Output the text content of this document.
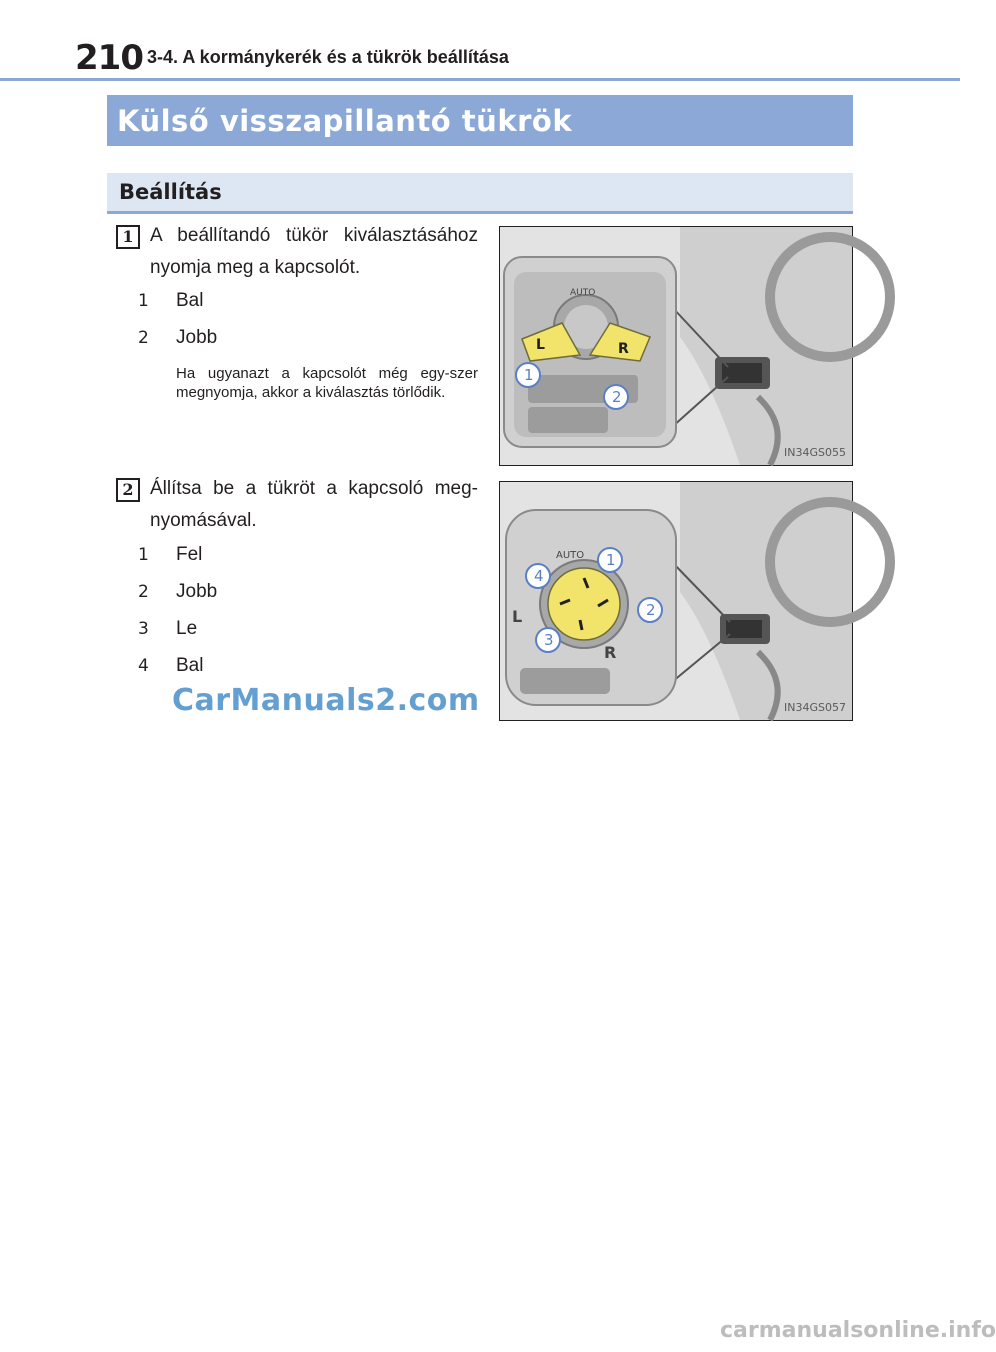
210 3-4. A kormánykerék és a tükrök beállítása
Külső visszapillantó tükrök
Beállítás
1 A beállítandó tükör kiválasztásához nyomja meg a kapcsolót.
1 Bal
2 Jobb
Ha ugyanazt a kapcsolót még egy-szer megnyomja, akkor a kiválasztás törlődik.
AUTO
L	R
1
2
IN34GS055
2 Állítsa be a tükröt a kapcsoló meg-nyomásával.
1 Fel
2 Jobb
3 Le
4 Bal
AUTO
L
R
1
2
3
4
IN34GS057
CarManuals2.com
carmanualsonline.info
